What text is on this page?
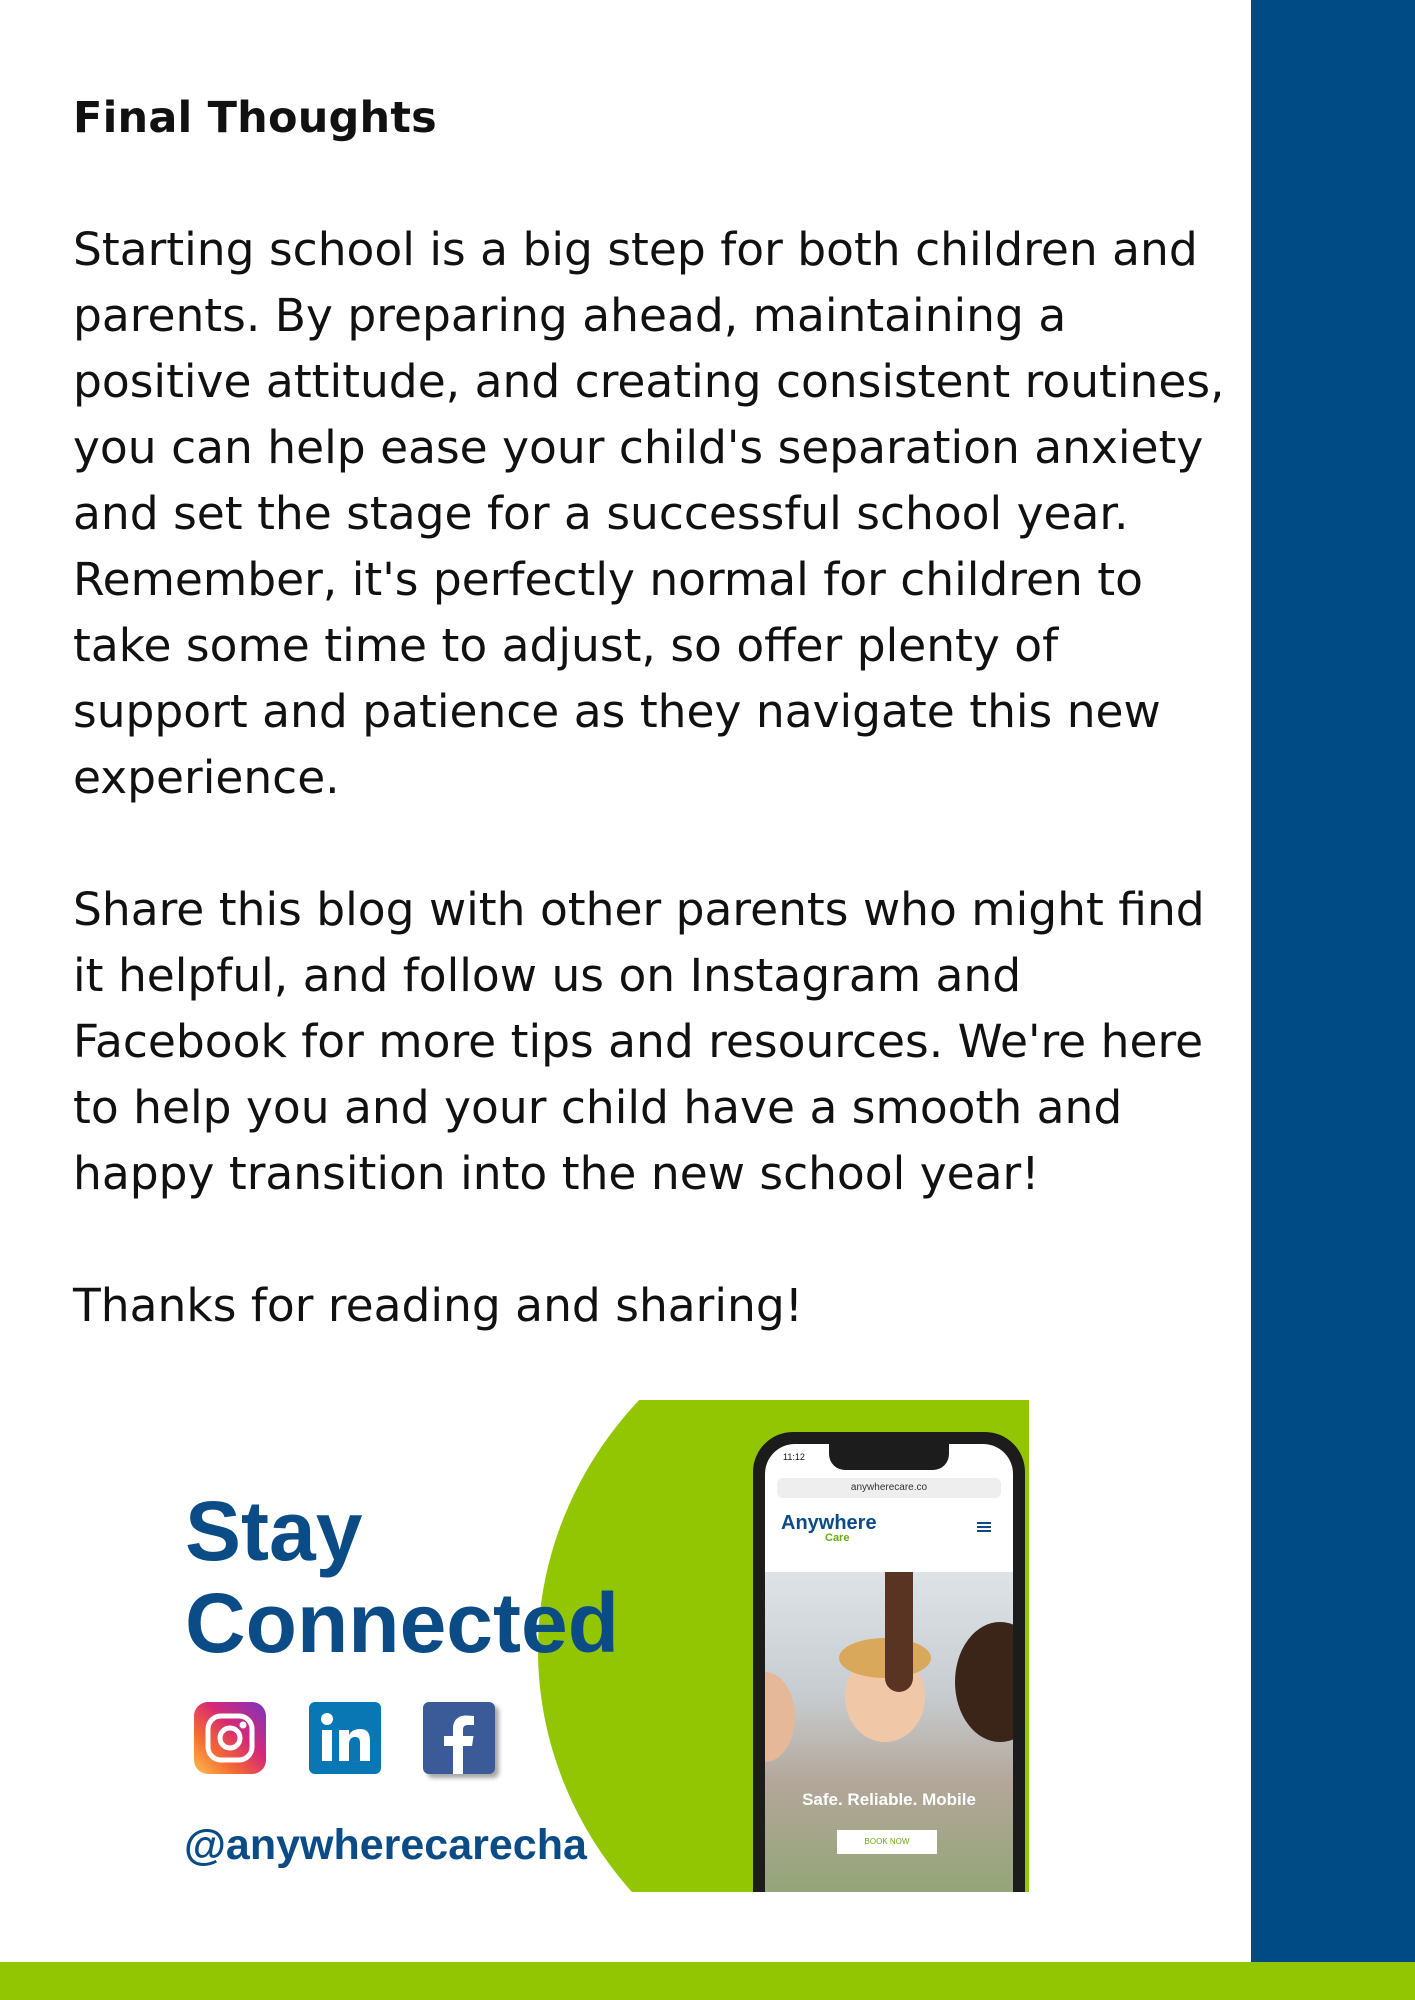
Final Thoughts

Starting school is a big step for both children and
parents. By preparing ahead, maintaining a
positive attitude, and creating consistent routines,
you can help ease your child's separation anxiety
and set the stage for a successful school year.
Remember, it's perfectly normal for children to
take some time to adjust, so offer plenty of
support and patience as they navigate this new
experience.

Share this blog with other parents who might find
it helpful, and follow us on Instagram and
Facebook for more tips and resources. We're here
to help you and your child have a smooth and
happy transition into the new school year!

Thanks for reading and sharing!

Stay
Connected
@anywherecarecha
11:12
anywherecare.co
Anywhere
Care
Safe. Reliable. Mobile
BOOK NOW
